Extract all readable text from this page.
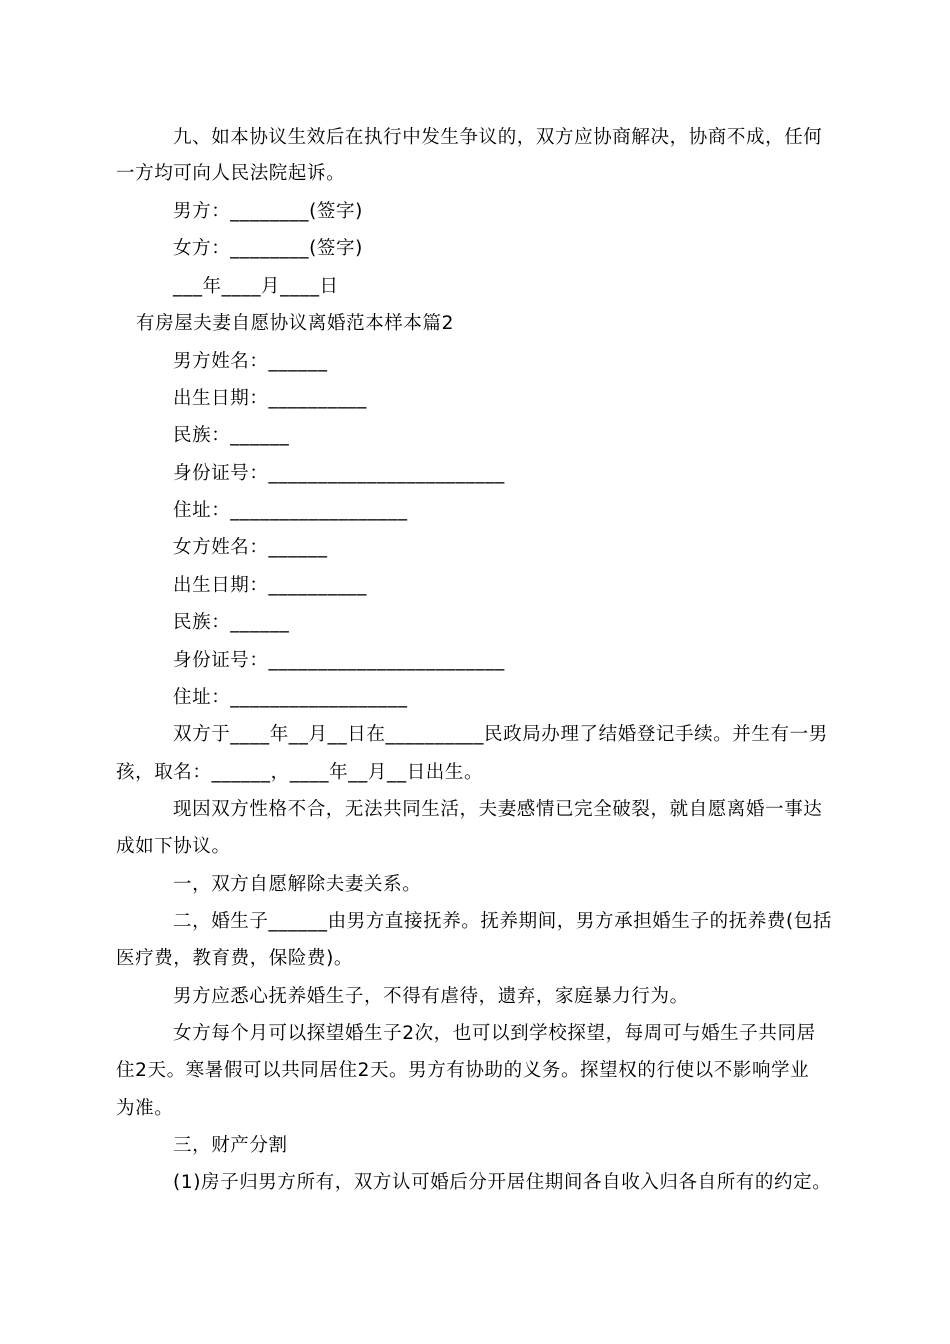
九、如本协议生效后在执行中发生争议的，双方应协商解决，协商不成，任何
一方均可向人民法院起诉。
男方：________(签字)
女方：________(签字)
___年____月____日
有房屋夫妻自愿协议离婚范本样本篇2
男方姓名：______
出生日期：__________
民族：______
身份证号：________________________
住址：__________________
女方姓名：______
出生日期：__________
民族：______
身份证号：________________________
住址：__________________
双方于____年__月__日在__________民政局办理了结婚登记手续。并生有一男
孩，取名：______，____年__月__日出生。
现因双方性格不合，无法共同生活，夫妻感情已完全破裂，就自愿离婚一事达
成如下协议。
一，双方自愿解除夫妻关系。
二，婚生子______由男方直接抚养。抚养期间，男方承担婚生子的抚养费(包括
医疗费，教育费，保险费)。
男方应悉心抚养婚生子，不得有虐待，遗弃，家庭暴力行为。
女方每个月可以探望婚生子2次，也可以到学校探望，每周可与婚生子共同居
住2天。寒暑假可以共同居住2天。男方有协助的义务。探望权的行使以不影响学业
为准。
三，财产分割
(1)房子归男方所有，双方认可婚后分开居住期间各自收入归各自所有的约定。
